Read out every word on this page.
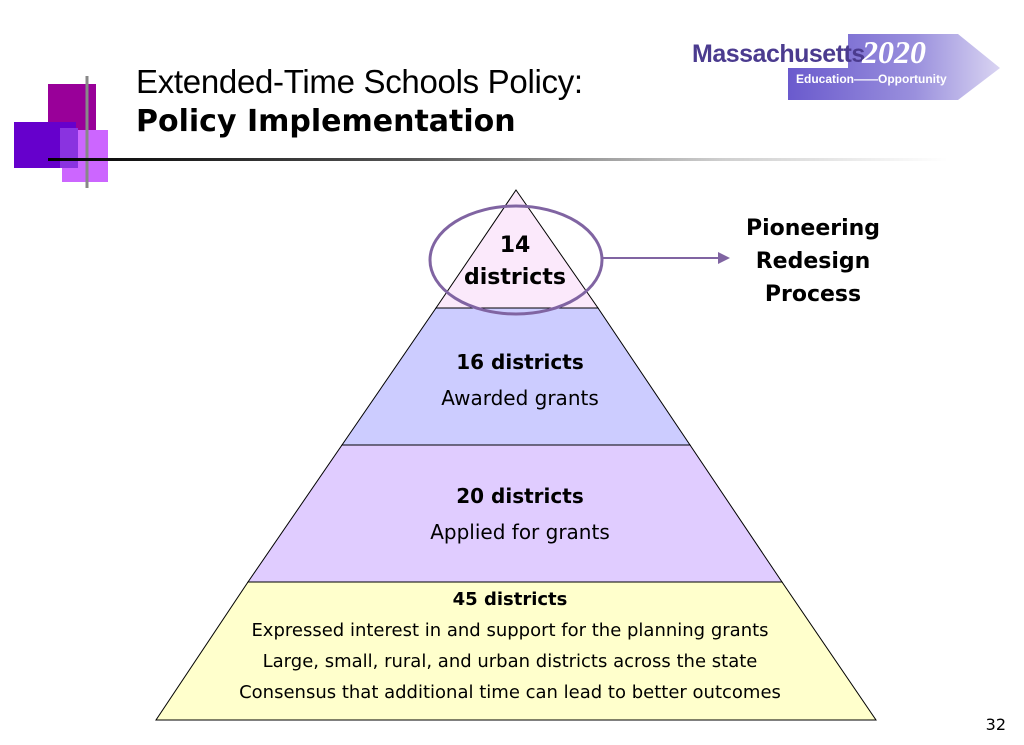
Extended-Time Schools Policy:
Policy Implementation
Massachusetts
2020
Education——Opportunity
14
districts
16 districts
Awarded grants
20 districts
Applied for grants
45 districts
Expressed interest in and support for the planning grants
Large, small, rural, and urban districts across the state
Consensus that additional time can lead to better outcomes
Pioneering
Redesign
Process
32
